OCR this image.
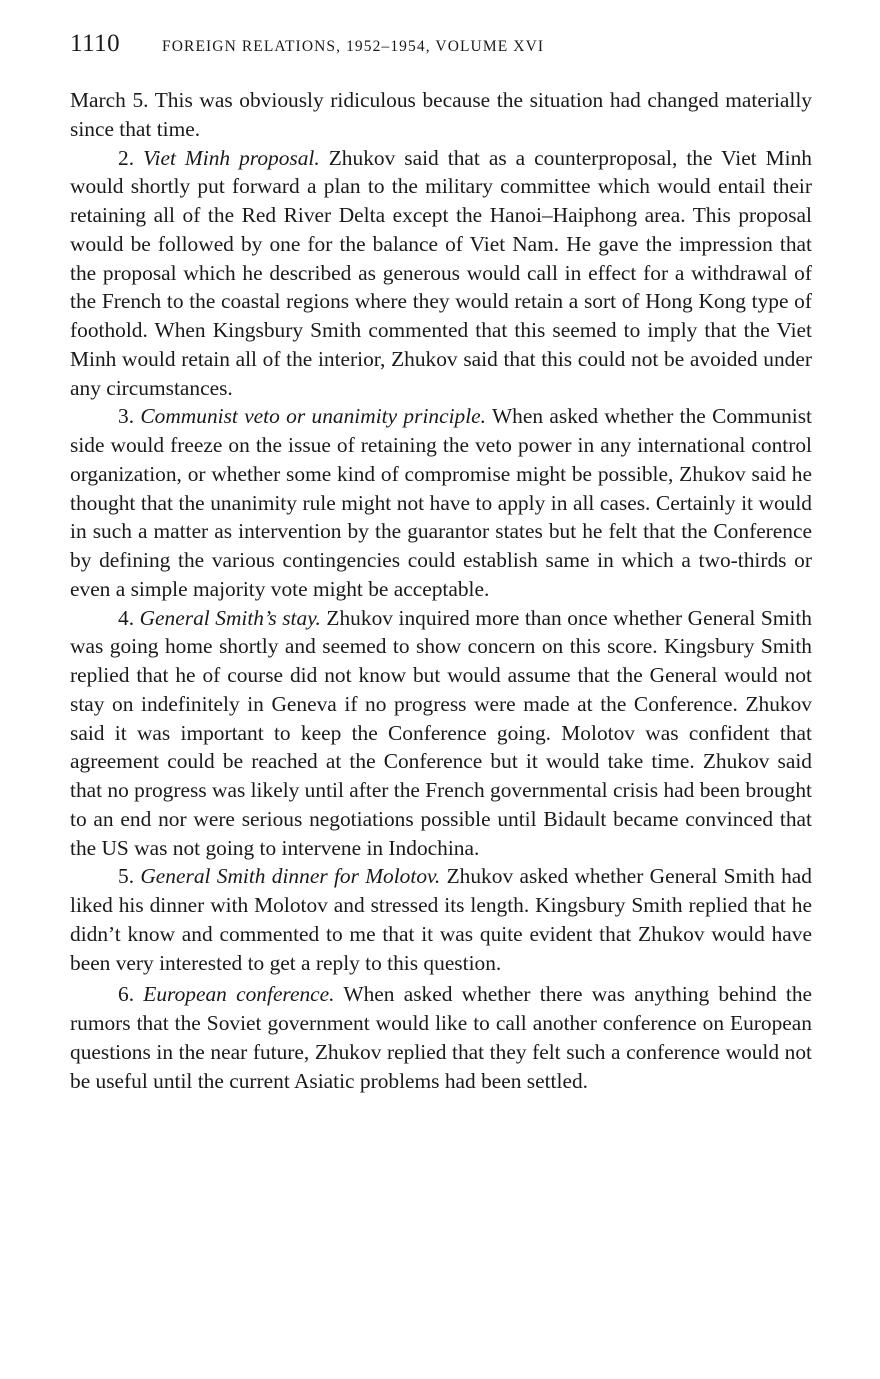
1110	FOREIGN RELATIONS, 1952–1954, VOLUME XVI

March 5. This was obviously ridiculous because the situation had changed materially since that time.

2. Viet Minh proposal. Zhukov said that as a counterproposal, the Viet Minh would shortly put forward a plan to the military committee which would entail their retaining all of the Red River Delta except the Hanoi–Haiphong area. This proposal would be followed by one for the balance of Viet Nam. He gave the impression that the proposal which he described as generous would call in effect for a withdrawal of the French to the coastal regions where they would retain a sort of Hong Kong type of foothold. When Kingsbury Smith commented that this seemed to imply that the Viet Minh would retain all of the interior, Zhukov said that this could not be avoided under any circumstances.

3. Communist veto or unanimity principle. When asked whether the Communist side would freeze on the issue of retaining the veto power in any international control organization, or whether some kind of compromise might be possible, Zhukov said he thought that the unanimity rule might not have to apply in all cases. Certainly it would in such a matter as intervention by the guarantor states but he felt that the Conference by defining the various contingencies could establish same in which a two-thirds or even a simple majority vote might be acceptable.

4. General Smith’s stay. Zhukov inquired more than once whether General Smith was going home shortly and seemed to show concern on this score. Kingsbury Smith replied that he of course did not know but would assume that the General would not stay on indefinitely in Geneva if no progress were made at the Conference. Zhukov said it was important to keep the Conference going. Molotov was confident that agreement could be reached at the Conference but it would take time. Zhukov said that no progress was likely until after the French governmental crisis had been brought to an end nor were serious negotiations possible until Bidault became convinced that the US was not going to intervene in Indochina.

5. General Smith dinner for Molotov. Zhukov asked whether General Smith had liked his dinner with Molotov and stressed its length. Kingsbury Smith replied that he didn’t know and commented to me that it was quite evident that Zhukov would have been very interested to get a reply to this question.

6. European conference. When asked whether there was anything behind the rumors that the Soviet government would like to call another conference on European questions in the near future, Zhukov replied that they felt such a conference would not be useful until the current Asiatic problems had been settled.
